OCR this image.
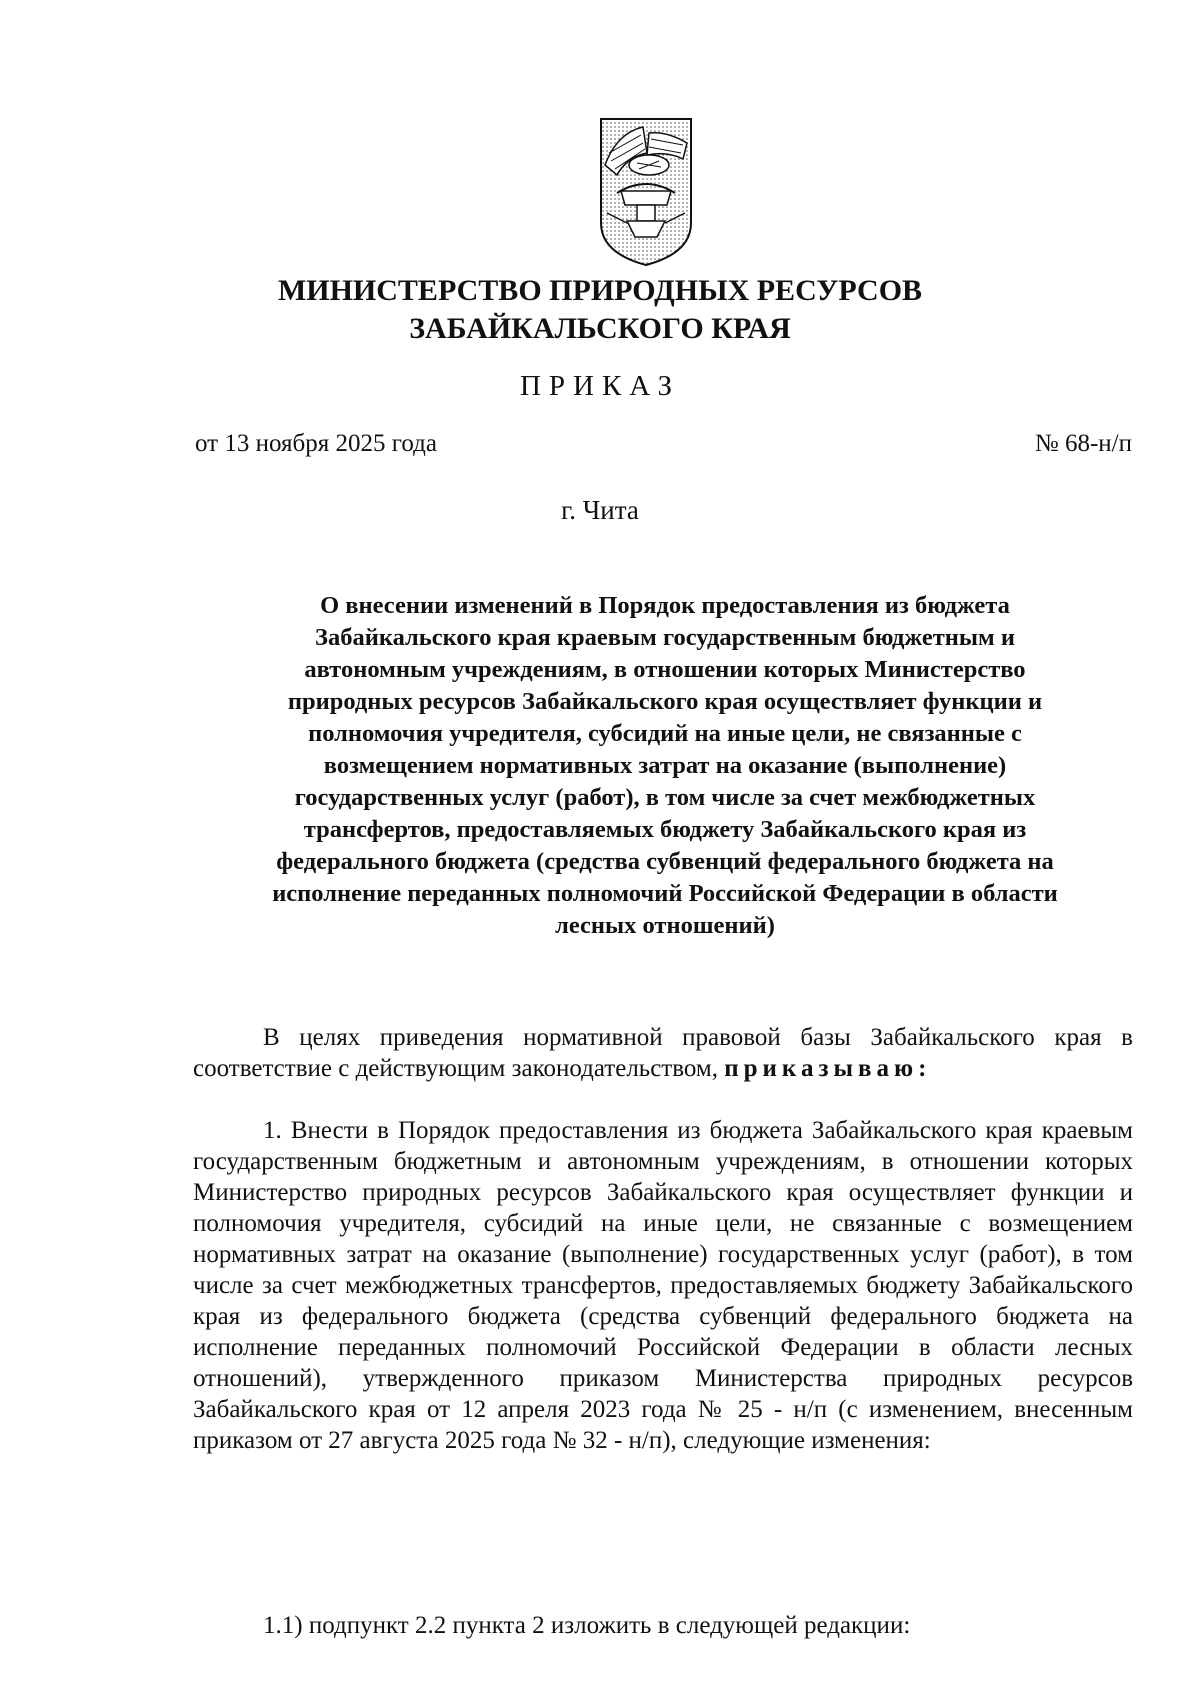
МИНИСТЕРСТВО ПРИРОДНЫХ РЕСУРСОВ
ЗАБАЙКАЛЬСКОГО КРАЯ
ПРИКАЗ
от 13 ноября 2025 года	№ 68-н/п
г. Чита
О внесении изменений в Порядок предоставления из бюджета
Забайкальского края краевым государственным бюджетным и
автономным учреждениям, в отношении которых Министерство
природных ресурсов Забайкальского края осуществляет функции и
полномочия учредителя, субсидий на иные цели, не связанные с
возмещением нормативных затрат на оказание (выполнение)
государственных услуг (работ), в том числе за счет межбюджетных
трансфертов, предоставляемых бюджету Забайкальского края из
федерального бюджета (средства субвенций федерального бюджета на
исполнение переданных полномочий Российской Федерации в области
лесных отношений)
В целях приведения нормативной правовой базы Забайкальского края в соответствие с действующим законодательством, приказываю:
1. Внести в Порядок предоставления из бюджета Забайкальского края краевым государственным бюджетным и автономным учреждениям, в отношении которых Министерство природных ресурсов Забайкальского края осуществляет функции и полномочия учредителя, субсидий на иные цели, не связанные с возмещением нормативных затрат на оказание (выполнение) государственных услуг (работ), в том числе за счет межбюджетных трансфертов, предоставляемых бюджету Забайкальского края из федерального бюджета (средства субвенций федерального бюджета на исполнение переданных полномочий Российской Федерации в области лесных отношений), утвержденного приказом Министерства природных ресурсов Забайкальского края от 12 апреля 2023 года № 25 - н/п (с изменением, внесенным приказом от 27 августа 2025 года № 32 - н/п), следующие изменения:
1.1) подпункт 2.2 пункта 2 изложить в следующей редакции:
